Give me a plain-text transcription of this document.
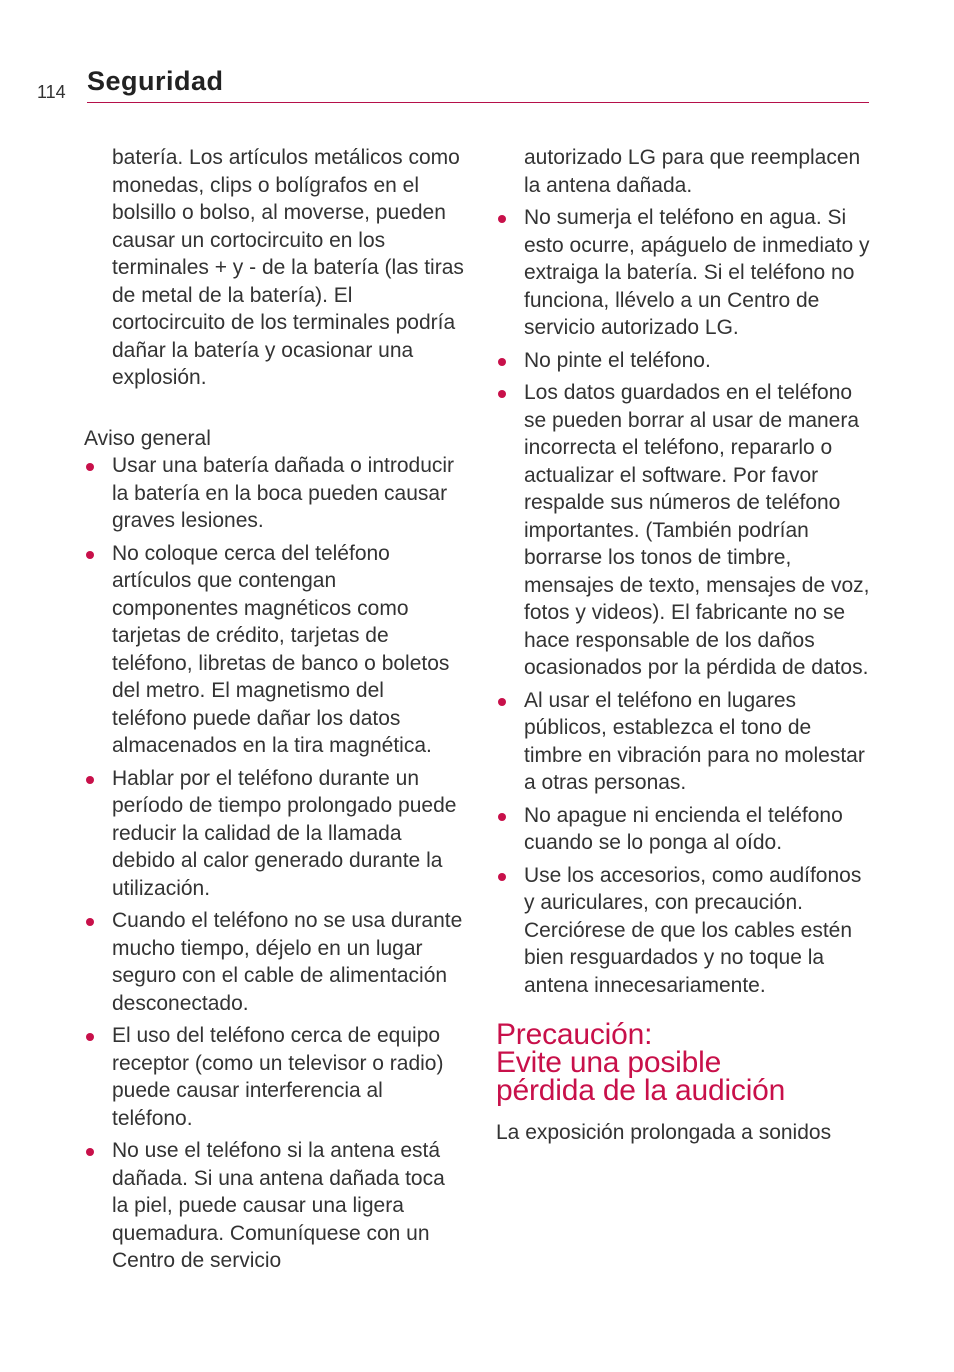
114 Seguridad

batería. Los artículos metálicos como monedas, clips o bolígrafos en el bolsillo o bolso, al moverse, pueden causar un cortocircuito en los terminales + y - de la batería (las tiras de metal de la batería). El cortocircuito de los terminales podría dañar la batería y ocasionar una explosión.

Aviso general

Usar una batería dañada o introducir la batería en la boca pueden causar graves lesiones.
No coloque cerca del teléfono artículos que contengan componentes magnéticos como tarjetas de crédito, tarjetas de teléfono, libretas de banco o boletos del metro. El magnetismo del teléfono puede dañar los datos almacenados en la tira magnética.
Hablar por el teléfono durante un período de tiempo prolongado puede reducir la calidad de la llamada debido al calor generado durante la utilización.
Cuando el teléfono no se usa durante mucho tiempo, déjelo en un lugar seguro con el cable de alimentación desconectado.
El uso del teléfono cerca de equipo receptor (como un televisor o radio) puede causar interferencia al teléfono.
No use el teléfono si la antena está dañada. Si una antena dañada toca la piel, puede causar una ligera quemadura. Comuníquese con un Centro de servicio

autorizado LG para que reemplacen la antena dañada.

No sumerja el teléfono en agua. Si esto ocurre, apáguelo de inmediato y extraiga la batería. Si el teléfono no funciona, llévelo a un Centro de servicio autorizado LG.
No pinte el teléfono.
Los datos guardados en el teléfono se pueden borrar al usar de manera incorrecta el teléfono, repararlo o actualizar el software. Por favor respalde sus números de teléfono importantes. (También podrían borrarse los tonos de timbre, mensajes de texto, mensajes de voz, fotos y videos). El fabricante no se hace responsable de los daños ocasionados por la pérdida de datos.
Al usar el teléfono en lugares públicos, establezca el tono de timbre en vibración para no molestar a otras personas.
No apague ni encienda el teléfono cuando se lo ponga al oído.
Use los accesorios, como audífonos y auriculares, con precaución. Cerciórese de que los cables estén bien resguardados y no toque la antena innecesariamente.
Precaución:
Evite una posible
pérdida de la audición

La exposición prolongada a sonidos
